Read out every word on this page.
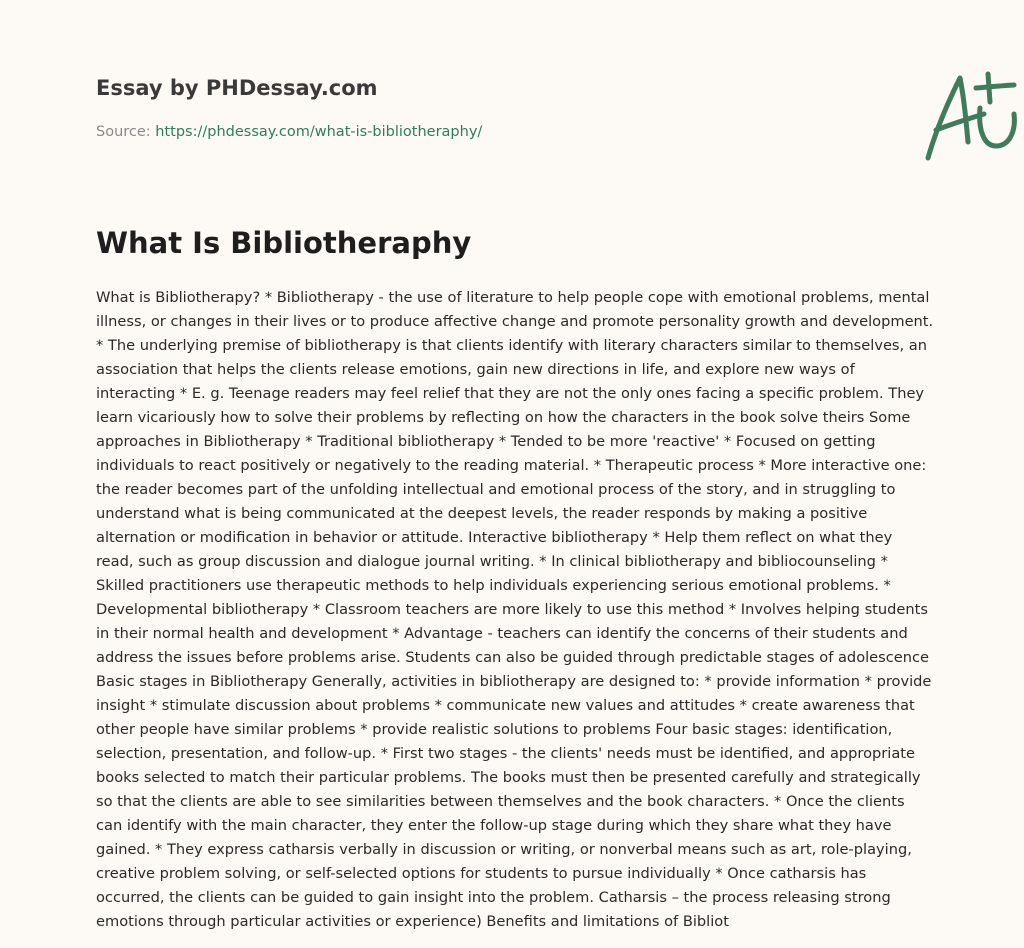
Essay by PHDessay.com
Source: https://phdessay.com/what-is-bibliotheraphy/
What Is Bibliotheraphy

What is Bibliotherapy? * Bibliotherapy - the use of literature to help people cope with emotional problems, mental illness, or changes in their lives or to produce affective change and promote personality growth and development. * The underlying premise of bibliotherapy is that clients identify with literary characters similar to themselves, an association that helps the clients release emotions, gain new directions in life, and explore new ways of interacting * E. g. Teenage readers may feel relief that they are not the only ones facing a specific problem. They learn vicariously how to solve their problems by reflecting on how the characters in the book solve theirs Some approaches in Bibliotherapy * Traditional bibliotherapy * Tended to be more 'reactive' * Focused on getting individuals to react positively or negatively to the reading material. * Therapeutic process * More interactive one: the reader becomes part of the unfolding intellectual and emotional process of the story, and in struggling to understand what is being communicated at the deepest levels, the reader responds by making a positive alternation or modification in behavior or attitude. Interactive bibliotherapy * Help them reflect on what they read, such as group discussion and dialogue journal writing. * In clinical bibliotherapy and bibliocounseling * Skilled practitioners use therapeutic methods to help individuals experiencing serious emotional problems. * Developmental bibliotherapy * Classroom teachers are more likely to use this method * Involves helping students in their normal health and development * Advantage - teachers can identify the concerns of their students and address the issues before problems arise. Students can also be guided through predictable stages of adolescence Basic stages in Bibliotherapy Generally, activities in bibliotherapy are designed to: * provide information * provide insight * stimulate discussion about problems * communicate new values and attitudes * create awareness that other people have similar problems * provide realistic solutions to problems Four basic stages: identification, selection, presentation, and follow-up. * First two stages - the clients' needs must be identified, and appropriate books selected to match their particular problems. The books must then be presented carefully and strategically so that the clients are able to see similarities between themselves and the book characters. * Once the clients can identify with the main character, they enter the follow-up stage during which they share what they have gained. * They express catharsis verbally in discussion or writing, or nonverbal means such as art, role-playing, creative problem solving, or self-selected options for students to pursue individually * Once catharsis has occurred, the clients can be guided to gain insight into the problem. Catharsis – the process releasing strong emotions through particular activities or experience) Benefits and limitations of Bibliot
